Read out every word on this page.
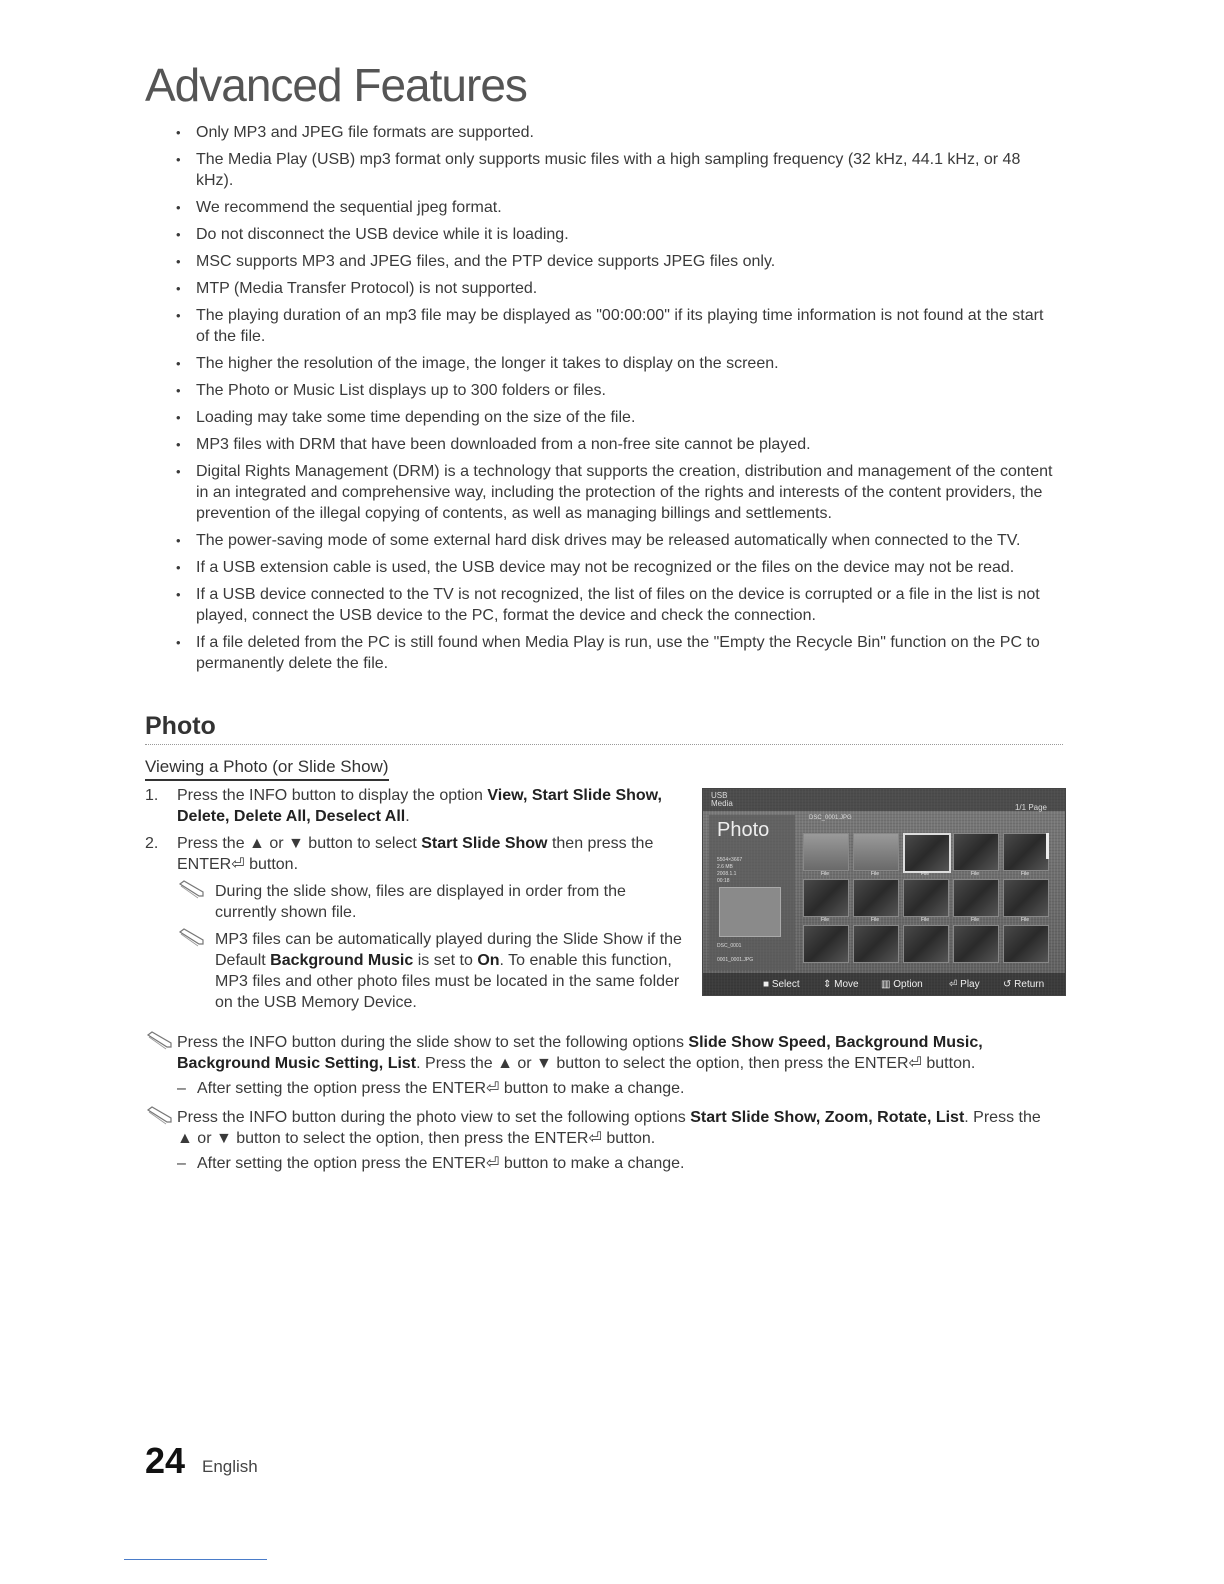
Advanced Features
• Only MP3 and JPEG file formats are supported.
• The Media Play (USB) mp3 format only supports music files with a high sampling frequency (32 kHz, 44.1 kHz, or 48 kHz).
• We recommend the sequential jpeg format.
• Do not disconnect the USB device while it is loading.
• MSC supports MP3 and JPEG files, and the PTP device supports JPEG files only.
• MTP (Media Transfer Protocol) is not supported.
• The playing duration of an mp3 file may be displayed as "00:00:00" if its playing time information is not found at the start of the file.
• The higher the resolution of the image, the longer it takes to display on the screen.
• The Photo or Music List displays up to 300 folders or files.
• Loading may take some time depending on the size of the file.
• MP3 files with DRM that have been downloaded from a non-free site cannot be played.
• Digital Rights Management (DRM) is a technology that supports the creation, distribution and management of the content in an integrated and comprehensive way, including the protection of the rights and interests of the content providers, the prevention of the illegal copying of contents, as well as managing billings and settlements.
• The power-saving mode of some external hard disk drives may be released automatically when connected to the TV.
• If a USB extension cable is used, the USB device may not be recognized or the files on the device may not be read.
• If a USB device connected to the TV is not recognized, the list of files on the device is corrupted or a file in the list is not played, connect the USB device to the PC, format the device and check the connection.
• If a file deleted from the PC is still found when Media Play is run, use the "Empty the Recycle Bin" function on the PC to permanently delete the file.
Photo
Viewing a Photo (or Slide Show)
1. Press the INFO button to display the option View, Start Slide Show, Delete, Delete All, Deselect All.
2. Press the ▲ or ▼ button to select Start Slide Show then press the ENTER⏎ button.
During the slide show, files are displayed in order from the currently shown file.
MP3 files can be automatically played during the Slide Show if the Default Background Music is set to On. To enable this function, MP3 files and other photo files must be located in the same folder on the USB Memory Device.
USB
Media	1/1 Page
Photo
5504×3667
2.6 MB
2008.1.1
00:18
DSC_0001
0001_0001.JPG
DSC_0001.JPG
File	File	File	File	File
File	File	File	File	File
■ Select ⇕ Move ▥ Option	⏎ Play ↺ Return
Press the INFO button during the slide show to set the following options Slide Show Speed, Background Music, Background Music Setting, List. Press the ▲ or ▼ button to select the option, then press the ENTER⏎ button.
– After setting the option press the ENTER⏎ button to make a change.
Press the INFO button during the photo view to set the following options Start Slide Show, Zoom, Rotate, List. Press the ▲ or ▼ button to select the option, then press the ENTER⏎ button.
– After setting the option press the ENTER⏎ button to make a change.
24 English
